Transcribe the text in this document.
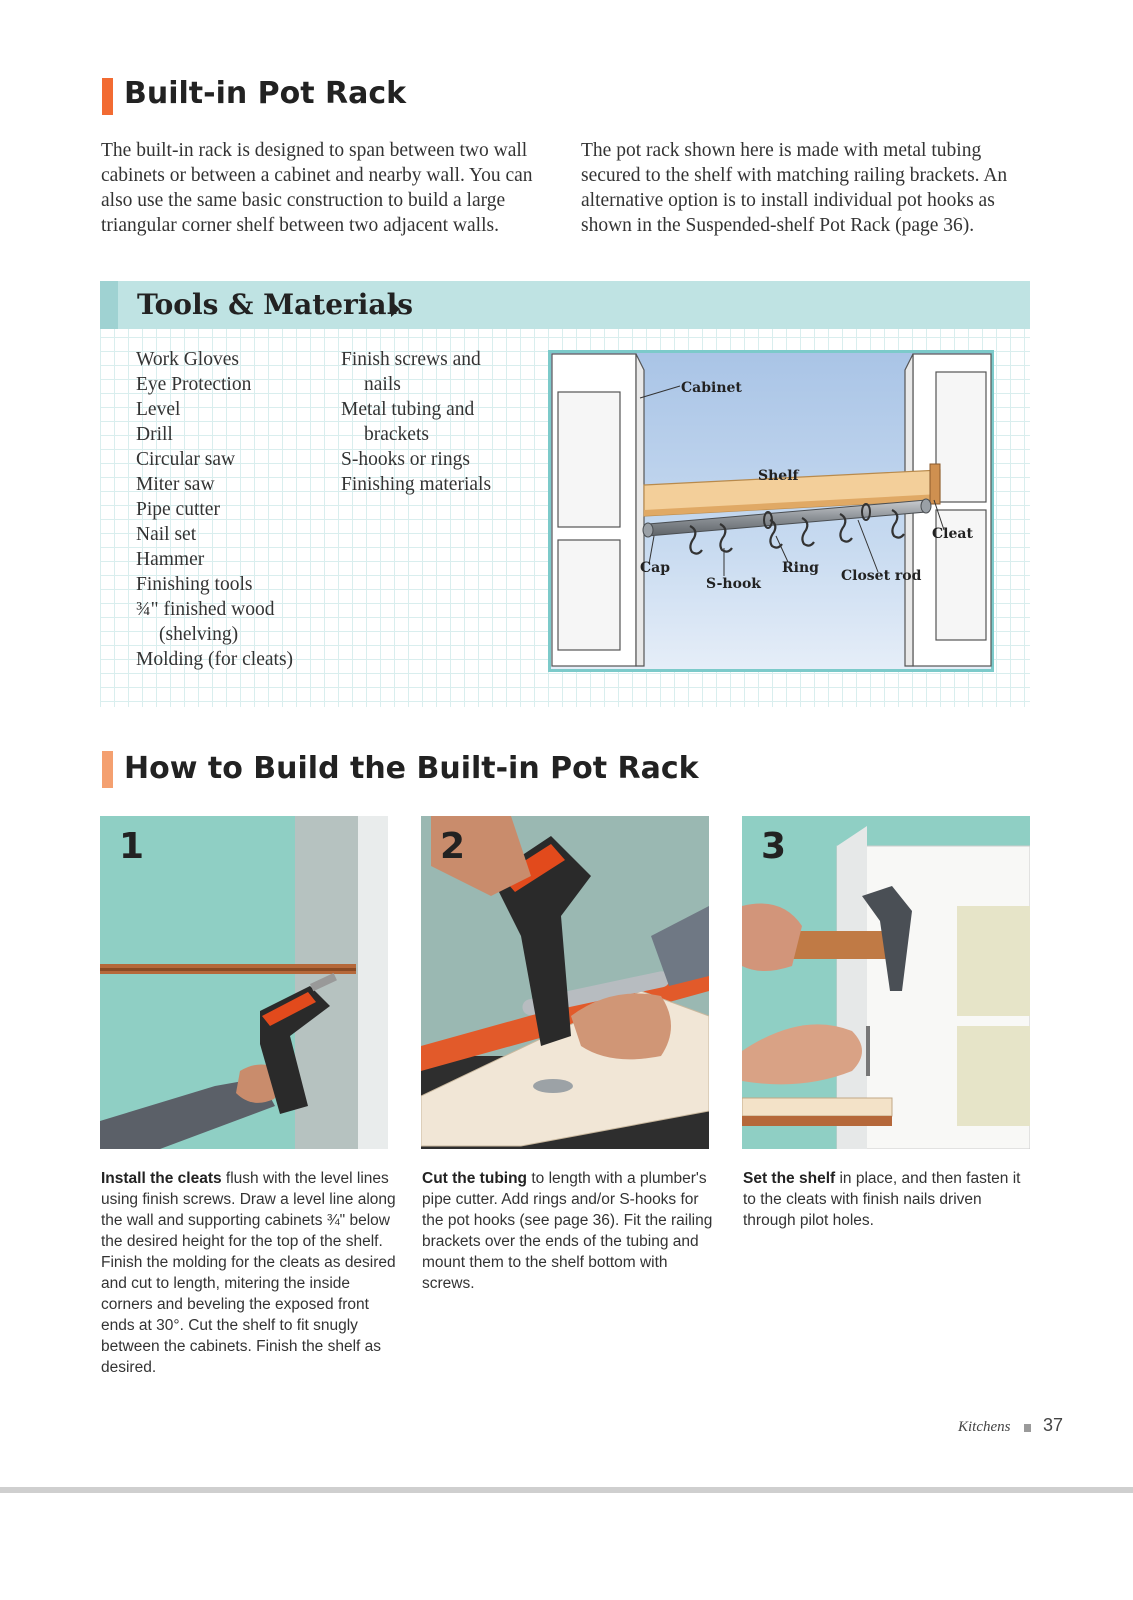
Built-in Pot Rack

The built-in rack is designed to span between two wall cabinets or between a cabinet and nearby wall. You can also use the same basic construction to build a large triangular corner shelf between two adjacent walls.

The pot rack shown here is made with metal tubing secured to the shelf with matching railing brackets. An alternative option is to install individual pot hooks as shown in the Suspended-shelf Pot Rack (page 36).

Tools & Materials
Work Gloves
Eye Protection
Level
Drill
Circular saw
Miter saw
Pipe cutter
Nail set
Hammer
Finishing tools
¾" finished wood
(shelving)
Molding (for cleats)
Finish screws and
nails
Metal tubing and
brackets
S-hooks or rings
Finishing materials
Cabinet
Shelf
Cleat
Cap
S-hook
Ring Closet rod
How to Build the Built-in Pot Rack

1	2	3

Install the cleats flush with the level lines using finish screws. Draw a level line along the wall and supporting cabinets ¾" below the desired height for the top of the shelf. Finish the molding for the cleats as desired and cut to length, mitering the inside corners and beveling the exposed front ends at 30°. Cut the shelf to fit snugly between the cabinets. Finish the shelf as desired.

Cut the tubing to length with a plumber's pipe cutter. Add rings and/or S-hooks for the pot hooks (see page 36). Fit the railing brackets over the ends of the tubing and mount them to the shelf bottom with screws.

Set the shelf in place, and then fasten it to the cleats with finish nails driven through pilot holes.

Kitchens 37
